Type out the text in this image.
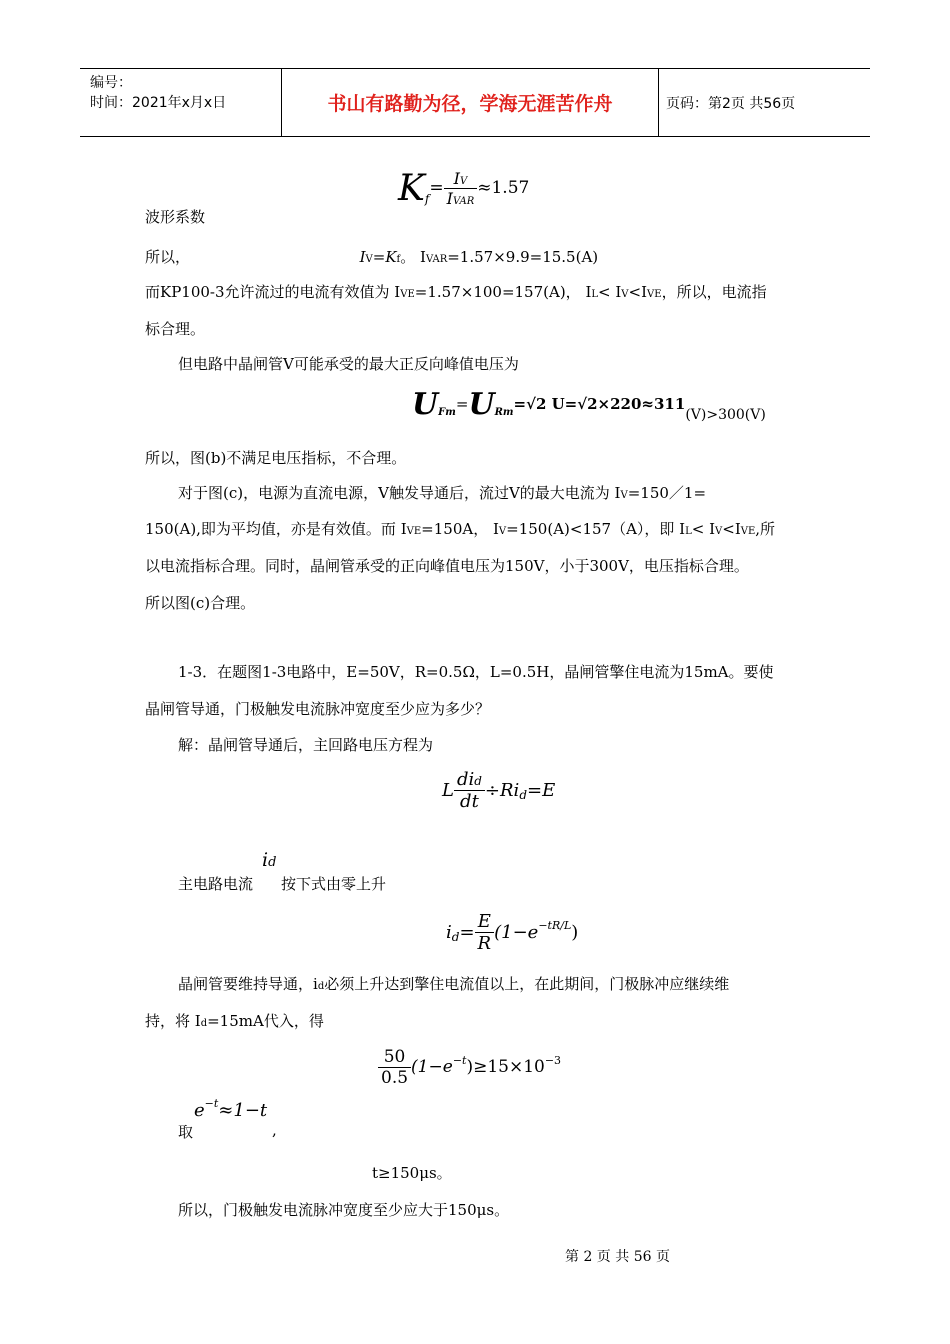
编号：
时间：2021年x月x日	书山有路勤为径，学海无涯苦作舟	页码：第2页 共56页
K f
= $\frac{IV}{\text{IVAR}} \approx 1.57$
波形系数
所以，	IV=Kf。 IVAR=1.57×9.9=15.5(A)
而KP100-3允许流过的电流有效值为 IVE=1.57×100=157(A)， IL< IV<IVE，所以，电流指
标合理。
但电路中晶闸管V可能承受的最大正反向峰值电压为
U Fm = U Rm =√2 U=√2×220≈311
(V)>300(V)
所以，图(b)不满足电压指标，不合理。
对于图(c)，电源为直流电源，V触发导通后，流过V的最大电流为 IV=150／1=
150(A),即为平均值，亦是有效值。而 IVE=150A， IV=150(A)<157（A），即 IL< IV<IVE,所
以电流指标合理。同时，晶闸管承受的正向峰值电压为150V，小于300V，电压指标合理。
所以图(c)合理。
1-3．在题图1-3电路中，E=50V，R=0.5Ω，L=0.5H，晶闸管擎住电流为15mA。要使
晶闸管导通，门极触发电流脉冲宽度至少应为多少？
解：晶闸管导通后，主回路电压方程为
L $\frac{\text{did}}{dt} \div Ri$ d =E
主电路电流
id
按下式由零上升
i $d = \frac{E}{R} (1-e -tR/L$ )
晶闸管要维持导通，id必须上升达到擎住电流值以上，在此期间，门极脉冲应继续维
持，将 Id=15mA代入，得
$\frac{50}{0.5} (1-e -t$ )≥15×10 −3
取
e −t ≈1−t
,
t≥150μs。
所以，门极触发电流脉冲宽度至少应大于150μs。
第 2 页 共 56 页
